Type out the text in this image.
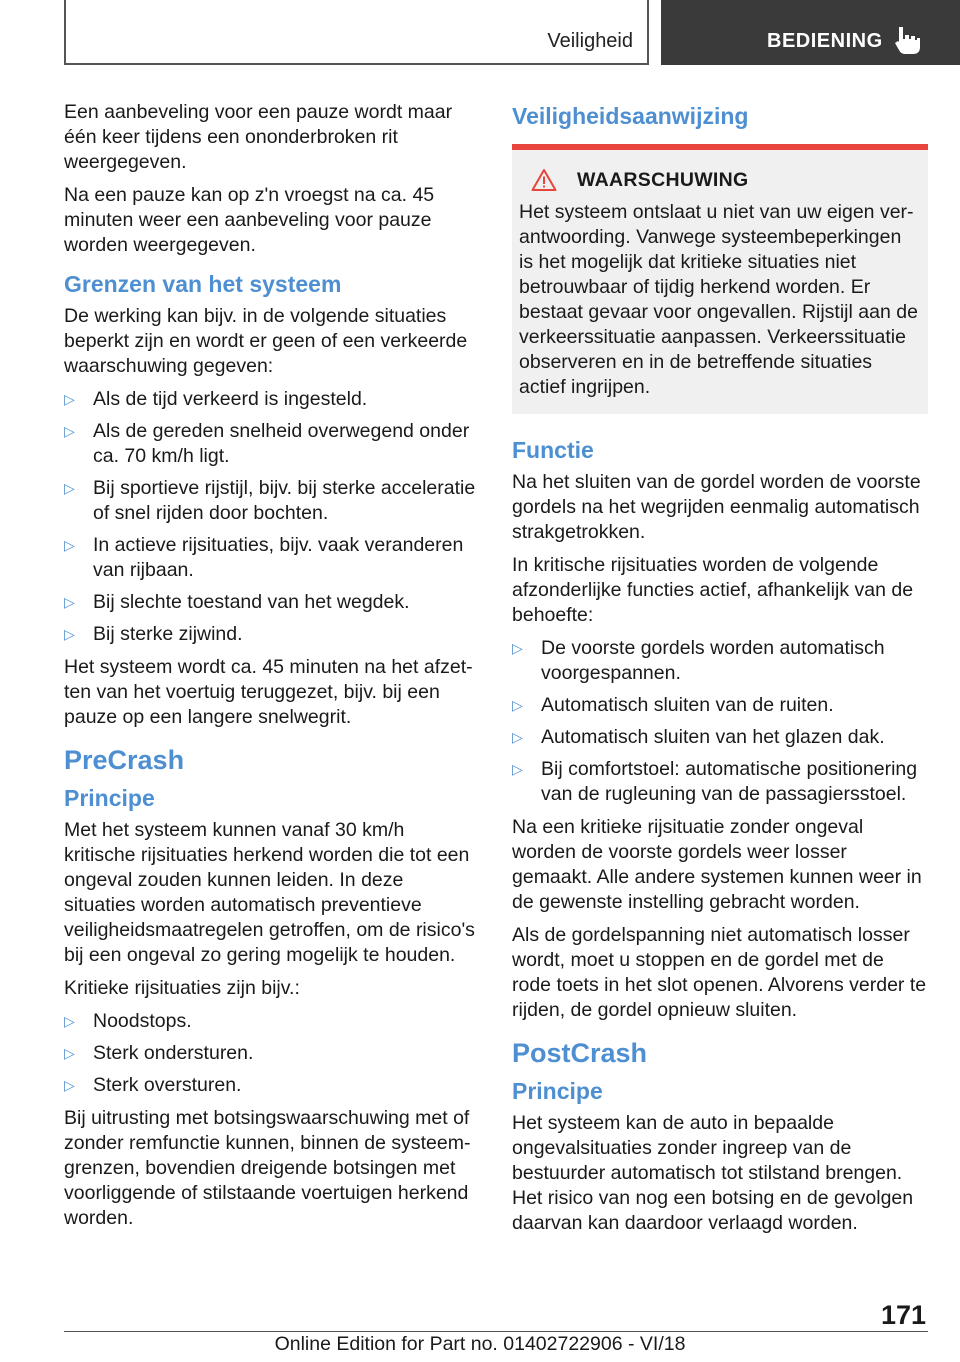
Veiligheid	BEDIENING

Een aanbeveling voor een pauze wordt maar één keer tijdens een ononderbroken rit weergegeven.

Na een pauze kan op z'n vroegst na ca. 45 minuten weer een aanbeveling voor pauze worden weergegeven.

Grenzen van het systeem

De werking kan bijv. in de volgende situaties beperkt zijn en wordt er geen of een verkeerde waarschuwing gegeven:

▷ Als de tijd verkeerd is ingesteld.
▷ Als de gereden snelheid overwegend onder ca. 70 km/h ligt.
▷ Bij sportieve rijstijl, bijv. bij sterke acceleratie of snel rijden door bochten.
▷ In actieve rijsituaties, bijv. vaak veranderen van rijbaan.
▷ Bij slechte toestand van het wegdek.
▷ Bij sterke zijwind.

Het systeem wordt ca. 45 minuten na het afzetten van het voertuig teruggezet, bijv. bij een pauze op een langere snelwegrit.

PreCrash
Principe

Met het systeem kunnen vanaf 30 km/h kritische rijsituaties herkend worden die tot een ongeval zouden kunnen leiden. In deze situaties worden automatisch preventieve veiligheidsmaatregelen getroffen, om de risico's bij een ongeval zo gering mogelijk te houden.

Kritieke rijsituaties zijn bijv.:

▷ Noodstops.
▷ Sterk ondersturen.
▷ Sterk oversturen.

Bij uitrusting met botsingswaarschuwing met of zonder remfunctie kunnen, binnen de systeemgrenzen, bovendien dreigende botsingen met voorliggende of stilstaande voertuigen herkend worden.

Veiligheidsaanwijzing
WAARSCHUWING

Het systeem ontslaat u niet van uw eigen verantwoording. Vanwege systeembeperkingen is het mogelijk dat kritieke situaties niet betrouwbaar of tijdig herkend worden. Er bestaat gevaar voor ongevallen. Rijstijl aan de verkeerssituatie aanpassen. Verkeerssituatie observeren en in de betreffende situaties actief ingrijpen.

Functie

Na het sluiten van de gordel worden de voorste gordels na het wegrijden eenmalig automatisch strakgetrokken.

In kritische rijsituaties worden de volgende afzonderlijke functies actief, afhankelijk van de behoefte:

▷ De voorste gordels worden automatisch voorgespannen.
▷ Automatisch sluiten van de ruiten.
▷ Automatisch sluiten van het glazen dak.
▷ Bij comfortstoel: automatische positionering van de rugleuning van de passagiersstoel.

Na een kritieke rijsituatie zonder ongeval worden de voorste gordels weer losser gemaakt. Alle andere systemen kunnen weer in de gewenste instelling gebracht worden.

Als de gordelspanning niet automatisch losser wordt, moet u stoppen en de gordel met de rode toets in het slot openen. Alvorens verder te rijden, de gordel opnieuw sluiten.

PostCrash
Principe

Het systeem kan de auto in bepaalde ongevalsituaties zonder ingreep van de bestuurder automatisch tot stilstand brengen. Het risico van nog een botsing en de gevolgen daarvan kan daardoor verlaagd worden.

171
Online Edition for Part no. 01402722906 - VI/18
